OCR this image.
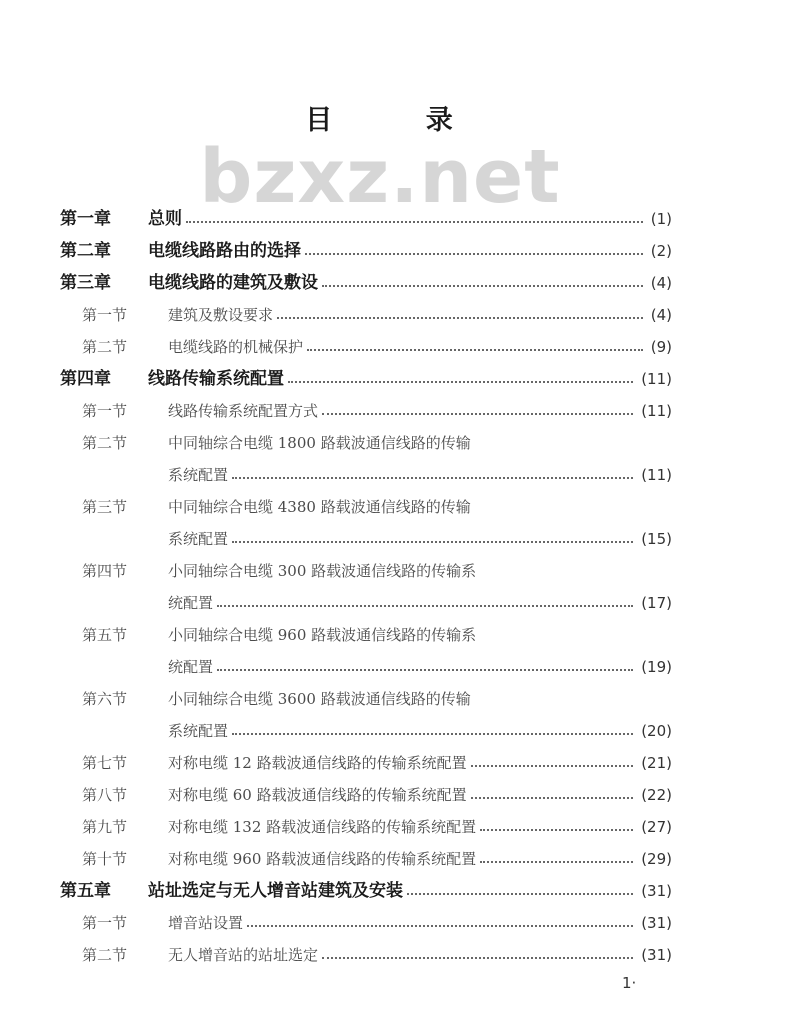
目 录
bzxz.net
第一章 总则	(1)
第二章 电缆线路路由的选择	(2)
第三章 电缆线路的建筑及敷设	(4)
第一节	建筑及敷设要求	(4)
第二节	电缆线路的机械保护	(9)
第四章 线路传输系统配置	(11)
第一节	线路传输系统配置方式	(11)
第二节	中同轴综合电缆 1800 路载波通信线路的传输
系统配置	(11)
第三节	中同轴综合电缆 4380 路载波通信线路的传输
系统配置	(15)
第四节	小同轴综合电缆 300 路载波通信线路的传输系
统配置	(17)
第五节	小同轴综合电缆 960 路载波通信线路的传输系
统配置	(19)
第六节	小同轴综合电缆 3600 路载波通信线路的传输
系统配置	(20)
第七节	对称电缆 12 路载波通信线路的传输系统配置	(21)
第八节	对称电缆 60 路载波通信线路的传输系统配置	(22)
第九节	对称电缆 132 路载波通信线路的传输系统配置	(27)
第十节	对称电缆 960 路载波通信线路的传输系统配置	(29)
第五章 站址选定与无人增音站建筑及安装	(31)
第一节	增音站设置	(31)
第二节	无人增音站的站址选定	(31)
1·
